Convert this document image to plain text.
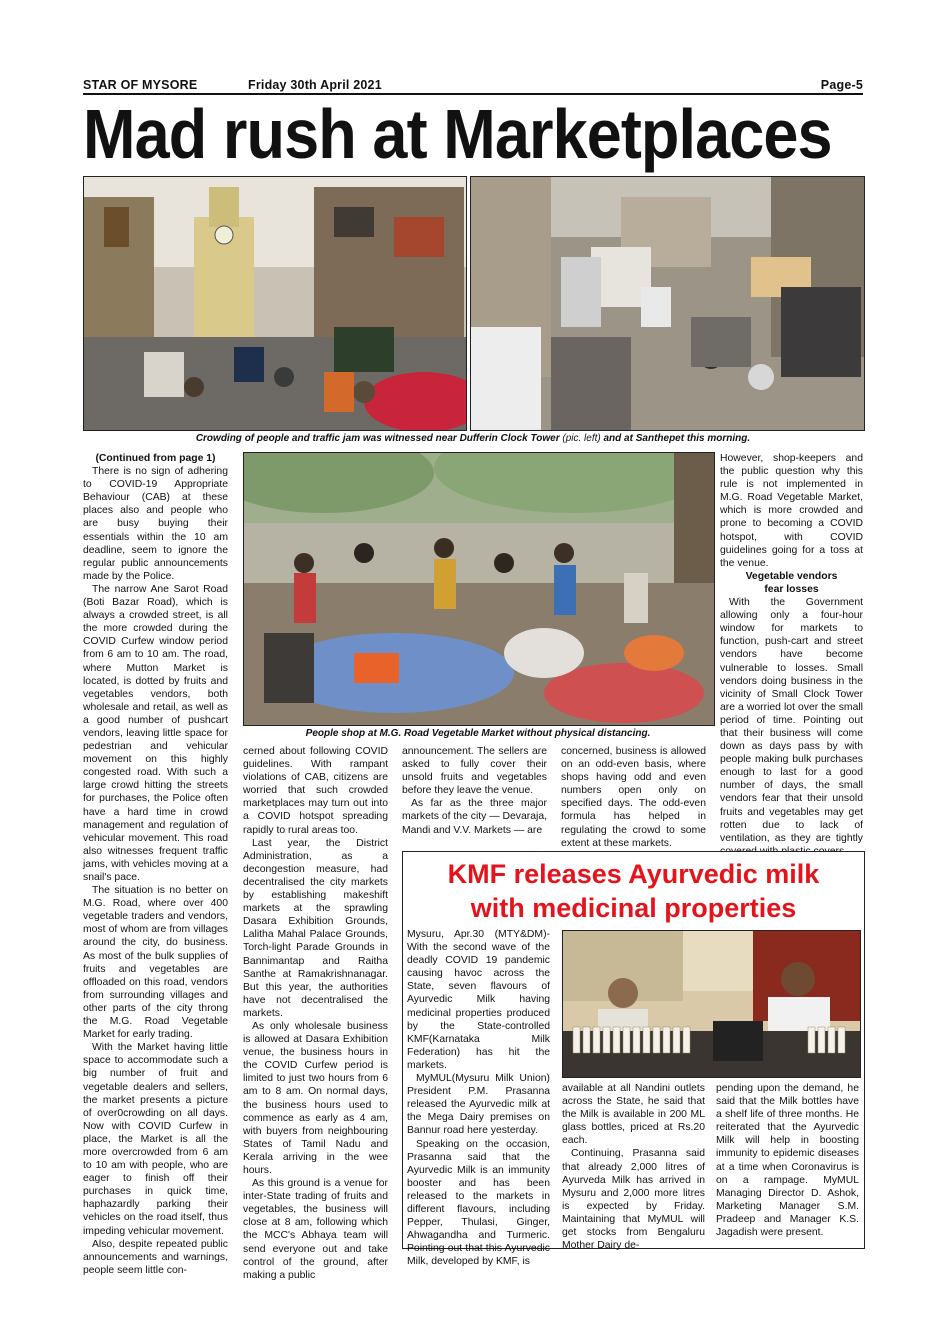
STAR OF MYSORE	Friday 30th April 2021	Page-5
Mad rush at Marketplaces
Crowding of people and traffic jam was witnessed near Dufferin Clock Tower (pic. left) and at Santhepet this morning.
People shop at M.G. Road Vegetable Market without physical distancing.

(Continued from page 1)

There is no sign of adhering to COVID-19 Appropriate Behaviour (CAB) at these places also and people who are busy buying their essentials within the 10 am deadline, seem to ignore the regular public announcements made by the Police.

The narrow Ane Sarot Road (Boti Bazar Road), which is always a crowded street, is all the more crowded during the COVID Curfew window period from 6 am to 10 am. The road, where Mutton Market is located, is dotted by fruits and vegetables vendors, both wholesale and retail, as well as a good number of pushcart vendors, leaving little space for pedestrian and vehicular movement on this highly congested road. With such a large crowd hitting the streets for purchases, the Police often have a hard time in crowd management and regulation of vehicular movement. This road also witnesses frequent traffic jams, with vehicles moving at a snail's pace.

The situation is no better on M.G. Road, where over 400 vegetable traders and vendors, most of whom are from villages around the city, do business. As most of the bulk supplies of fruits and vegetables are offloaded on this road, vendors from surrounding villages and other parts of the city throng the M.G. Road Vegetable Market for early trading.

With the Market having little space to accommodate such a big number of fruit and vegetable dealers and sellers, the market presents a picture of over0crowding on all days. Now with COVID Curfew in place, the Market is all the more overcrowded from 6 am to 10 am with people, who are eager to finish off their purchases in quick time, haphazardly parking their vehicles on the road itself, thus impeding vehicular movement.

Also, despite repeated public announcements and warnings, people seem little con-

cerned about following COVID guidelines. With rampant violations of CAB, citizens are worried that such crowded marketplaces may turn out into a COVID hotspot spreading rapidly to rural areas too.

Last year, the District Administration, as a decongestion measure, had decentralised the city markets by establishing makeshift markets at the sprawling Dasara Exhibition Grounds, Lalitha Mahal Palace Grounds, Torch-light Parade Grounds in Bannimantap and Raitha Santhe at Ramakrishnanagar. But this year, the authorities have not decentralised the markets.

As only wholesale business is allowed at Dasara Exhibition venue, the business hours in the COVID Curfew period is limited to just two hours from 6 am to 8 am. On normal days, the business hours used to commence as early as 4 am, with buyers from neighbouring States of Tamil Nadu and Kerala arriving in the wee hours.

As this ground is a venue for inter-State trading of fruits and vegetables, the business will close at 8 am, following which the MCC's Abhaya team will send everyone out and take control of the ground, after making a public

announcement. The sellers are asked to fully cover their unsold fruits and vegetables before they leave the venue.

As far as the three major markets of the city — Devaraja, Mandi and V.V. Markets — are

concerned, business is allowed on an odd-even basis, where shops having odd and even numbers open only on specified days. The odd-even formula has helped in regulating the crowd to some extent at these markets.

However, shop-keepers and the public question why this rule is not implemented in M.G. Road Vegetable Market, which is more crowded and prone to becoming a COVID hotspot, with COVID guidelines going for a toss at the venue.

Vegetable vendors

fear losses

With the Government allowing only a four-hour window for markets to function, push-cart and street vendors have become vulnerable to losses. Small vendors doing business in the vicinity of Small Clock Tower are a worried lot over the small period of time. Pointing out that their business will come down as days pass by with people making bulk purchases enough to last for a good number of days, the small vendors fear that their unsold fruits and vegetables may get rotten due to lack of ventilation, as they are tightly

KMF releases Ayurvedic milk
with medicinal properties

Mysuru, Apr.30 (MTY&DM)- With the second wave of the deadly COVID 19 pandemic causing havoc across the State, seven flavours of Ayurvedic Milk having medicinal properties produced by the State-controlled KMF(Karnataka Milk Federation) has hit the markets.

MyMUL(Mysuru Milk Union) President P.M. Prasanna released the Ayurvedic milk at the Mega Dairy premises on Bannur road here yesterday.

Speaking on the occasion, Prasanna said that the Ayurvedic Milk is an immunity booster and has been released to the markets in different flavours, including Pepper, Thulasi, Ginger, Ahwagandha and Turmeric. Pointing out that this Ayurvedic Milk, developed by KMF, is

available at all Nandini outlets across the State, he said that the Milk is available in 200 ML glass bottles, priced at Rs.20 each.

Continuing, Prasanna said that already 2,000 litres of Ayurveda Milk has arrived in Mysuru and 2,000 more litres is expected by Friday. Maintaining that MyMUL will get stocks from Bengaluru Mother Dairy de-

pending upon the demand, he said that the Milk bottles have a shelf life of three months. He reiterated that the Ayurvedic Milk will help in boosting immunity to epidemic diseases at a time when Coronavirus is on a rampage. MyMUL Managing Director D. Ashok, Marketing Manager S.M. Pradeep and Manager K.S. Jagadish were present.
